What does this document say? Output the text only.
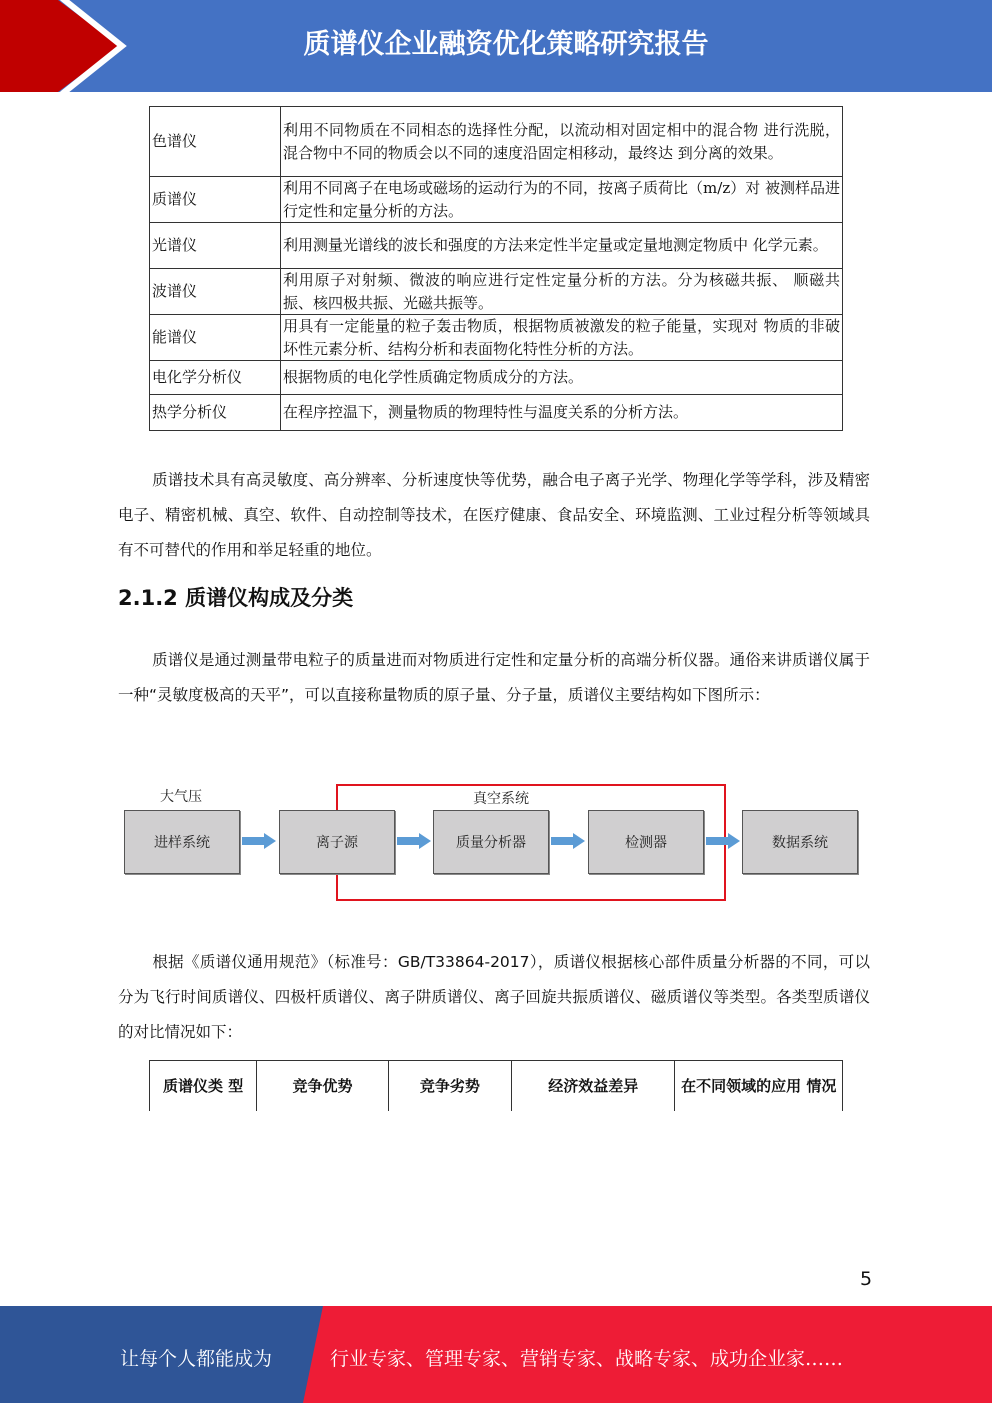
质谱仪企业融资优化策略研究报告
色谱仪	利用不同物质在不同相态的选择性分配，以流动相对固定相中的混合物 进行洗脱，混合物中不同的物质会以不同的速度沿固定相移动，最终达 到分离的效果。
质谱仪	利用不同离子在电场或磁场的运动行为的不同，按离子质荷比（m/z）对 被测样品进行定性和定量分析的方法。
光谱仪	利用测量光谱线的波长和强度的方法来定性半定量或定量地测定物质中 化学元素。
波谱仪	利用原子对射频、微波的响应进行定性定量分析的方法。分为核磁共振、 顺磁共振、核四极共振、光磁共振等。
能谱仪	用具有一定能量的粒子轰击物质，根据物质被激发的粒子能量，实现对 物质的非破坏性元素分析、结构分析和表面物化特性分析的方法。
电化学分析仪	根据物质的电化学性质确定物质成分的方法。
热学分析仪	在程序控温下，测量物质的物理特性与温度关系的分析方法。
质谱技术具有高灵敏度、高分辨率、分析速度快等优势，融合电子离子光学、物理化学等学科，涉及精密电子、精密机械、真空、软件、自动控制等技术，在医疗健康、食品安全、环境监测、工业过程分析等领域具有不可替代的作用和举足轻重的地位。
2.1.2 质谱仪构成及分类
质谱仪是通过测量带电粒子的质量进而对物质进行定性和定量分析的高端分析仪器。通俗来讲质谱仪属于一种“灵敏度极高的天平”，可以直接称量物质的原子量、分子量，质谱仪主要结构如下图所示：
大气压	真空系统
进样系统	离子源	质量分析器	检测器	数据系统
根据《质谱仪通用规范》（标准号：GB/T33864-2017），质谱仪根据核心部件质量分析器的不同，可以分为飞行时间质谱仪、四极杆质谱仪、离子阱质谱仪、离子回旋共振质谱仪、磁质谱仪等类型。各类型质谱仪的对比情况如下：
质谱仪类 型	竞争优势	竞争劣势	经济效益差异	在不同领域的应用 情况
5
让每个人都能成为	行业专家、管理专家、营销专家、战略专家、成功企业家……
